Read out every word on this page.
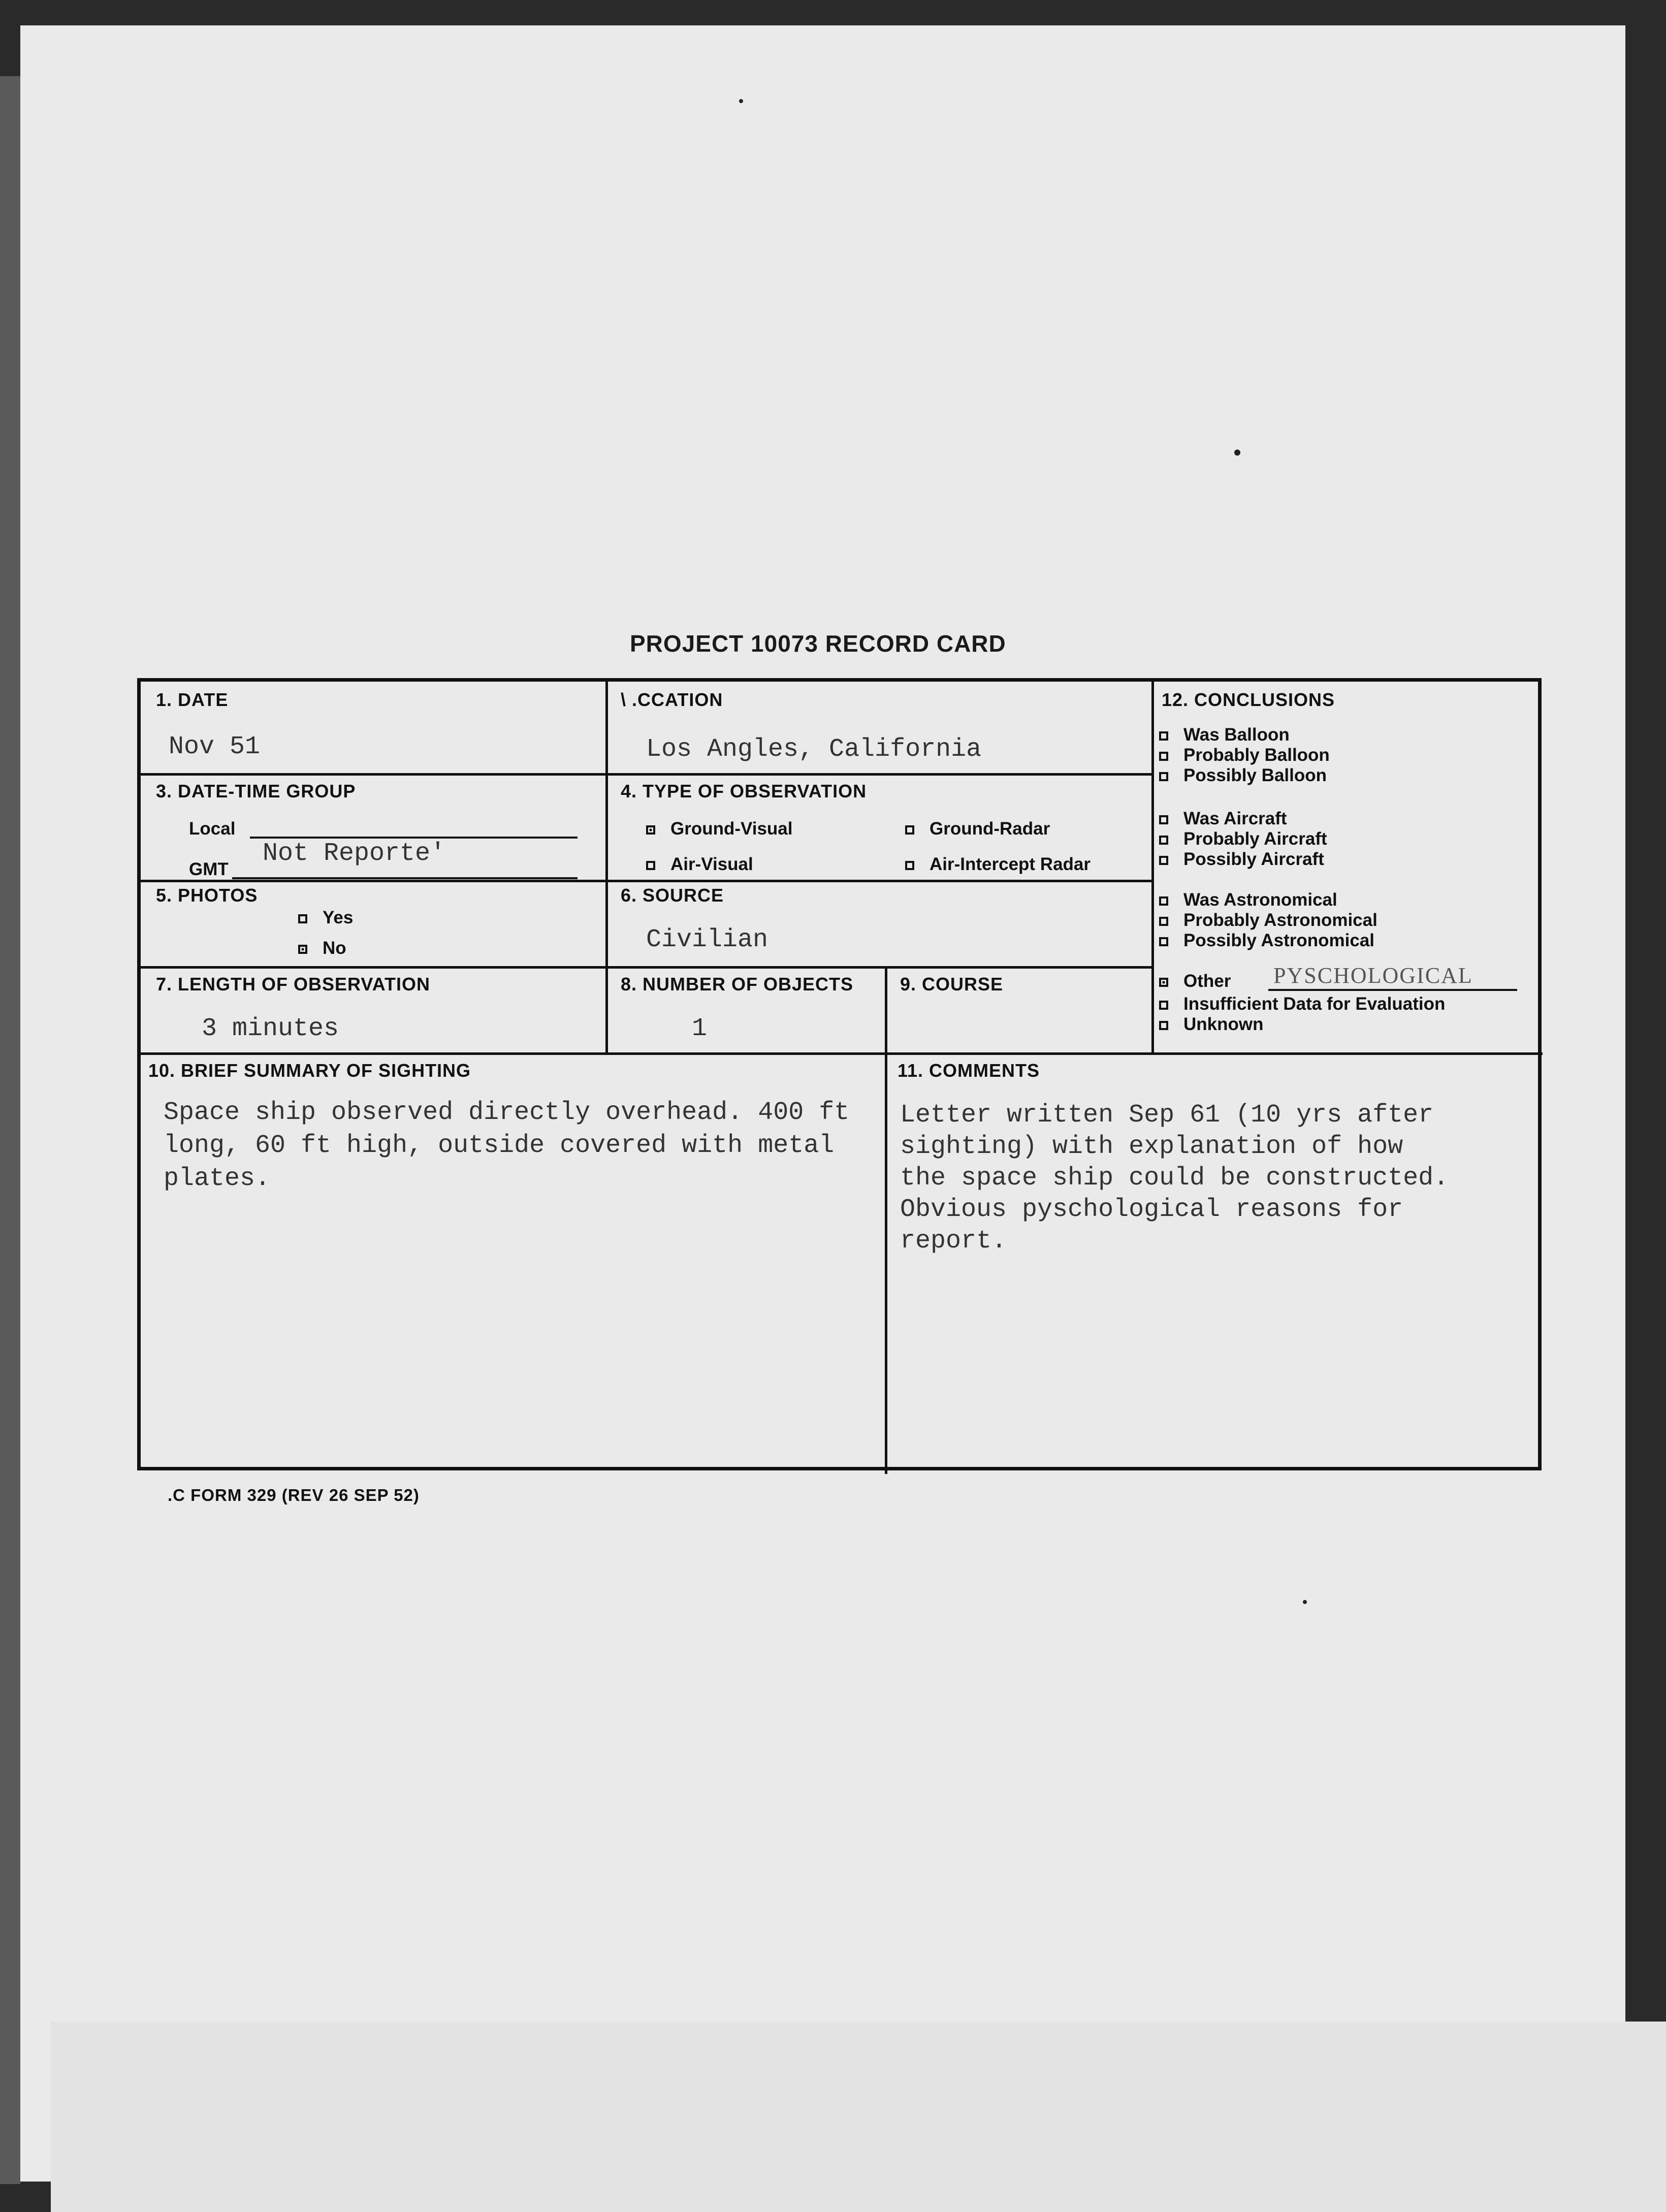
PROJECT 10073 RECORD CARD
1. DATE
Nov 51
\ .CCATION
Los Angles, California
3. DATE-TIME GROUP
Local
GMT
Not Reporte'
4. TYPE OF OBSERVATION
Ground-Visual	Ground-Radar
Air-Visual	Air-Intercept Radar
5. PHOTOS
Yes
No
6. SOURCE
Civilian
7. LENGTH OF OBSERVATION
3 minutes
8. NUMBER OF OBJECTS
1
9. COURSE
10. BRIEF SUMMARY OF SIGHTING
Space ship observed directly overhead. 400 ft
long, 60 ft high, outside covered with metal
plates.
11. COMMENTS
Letter written Sep 61 (10 yrs after
sighting) with explanation of how
the space ship could be constructed.
Obvious pyschological reasons for
report.
12. CONCLUSIONS
Was Balloon
Probably Balloon
Possibly Balloon
Was Aircraft
Probably Aircraft
Possibly Aircraft
Was Astronomical
Probably Astronomical
Possibly Astronomical
Other PYSCHOLOGICAL
Insufficient Data for Evaluation
Unknown
.C FORM 329 (REV 26 SEP 52)
